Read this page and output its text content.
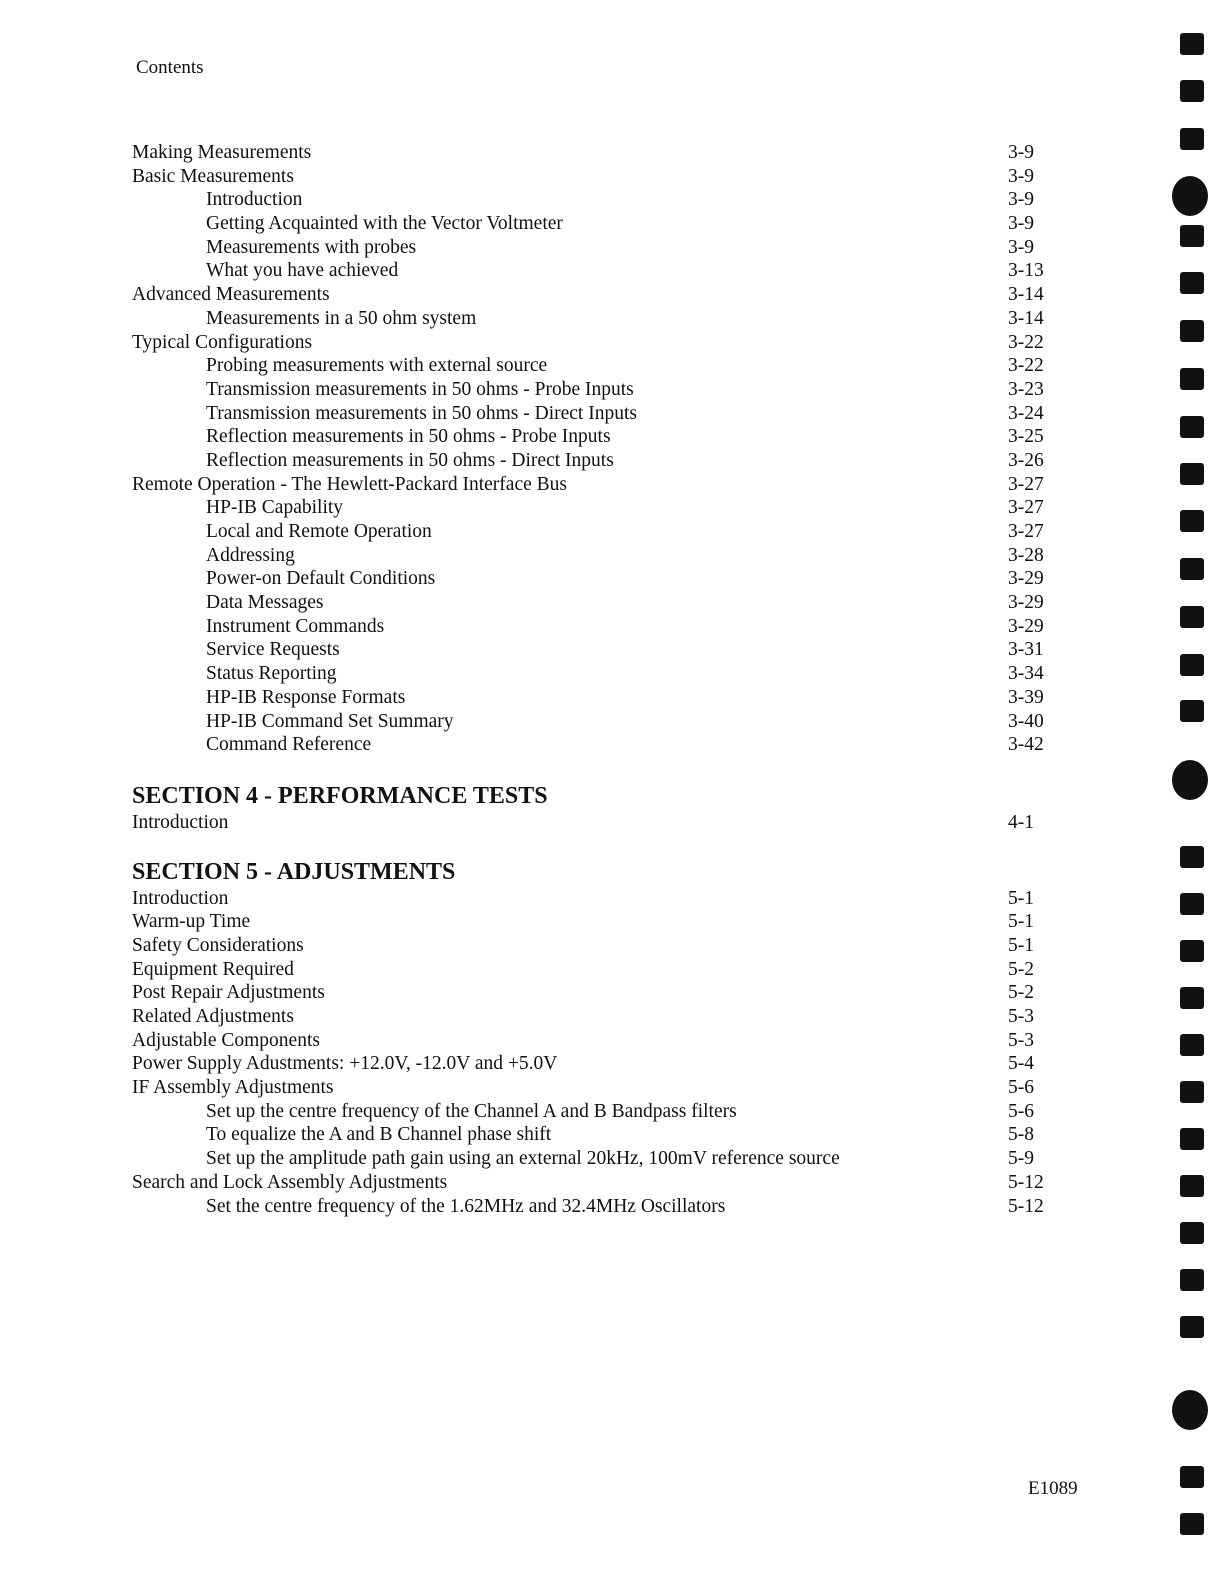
Contents
Making Measurements	3-9
Basic Measurements	3-9
Introduction	3-9
Getting Acquainted with the Vector Voltmeter	3-9
Measurements with probes	3-9
What you have achieved	3-13
Advanced Measurements	3-14
Measurements in a 50 ohm system	3-14
Typical Configurations	3-22
Probing measurements with external source	3-22
Transmission measurements in 50 ohms - Probe Inputs	3-23
Transmission measurements in 50 ohms - Direct Inputs	3-24
Reflection measurements in 50 ohms - Probe Inputs	3-25
Reflection measurements in 50 ohms - Direct Inputs	3-26
Remote Operation - The Hewlett-Packard Interface Bus	3-27
HP-IB Capability	3-27
Local and Remote Operation	3-27
Addressing	3-28
Power-on Default Conditions	3-29
Data Messages	3-29
Instrument Commands	3-29
Service Requests	3-31
Status Reporting	3-34
HP-IB Response Formats	3-39
HP-IB Command Set Summary	3-40
Command Reference	3-42
SECTION 4 - PERFORMANCE TESTS
Introduction	4-1
SECTION 5 - ADJUSTMENTS
Introduction	5-1
Warm-up Time	5-1
Safety Considerations	5-1
Equipment Required	5-2
Post Repair Adjustments	5-2
Related Adjustments	5-3
Adjustable Components	5-3
Power Supply Adustments: +12.0V, -12.0V and +5.0V	5-4
IF Assembly Adjustments	5-6
Set up the centre frequency of the Channel A and B Bandpass filters	5-6
To equalize the A and B Channel phase shift	5-8
Set up the amplitude path gain using an external 20kHz, 100mV reference source	5-9
Search and Lock Assembly Adjustments	5-12
Set the centre frequency of the 1.62MHz and 32.4MHz Oscillators	5-12
E1089
